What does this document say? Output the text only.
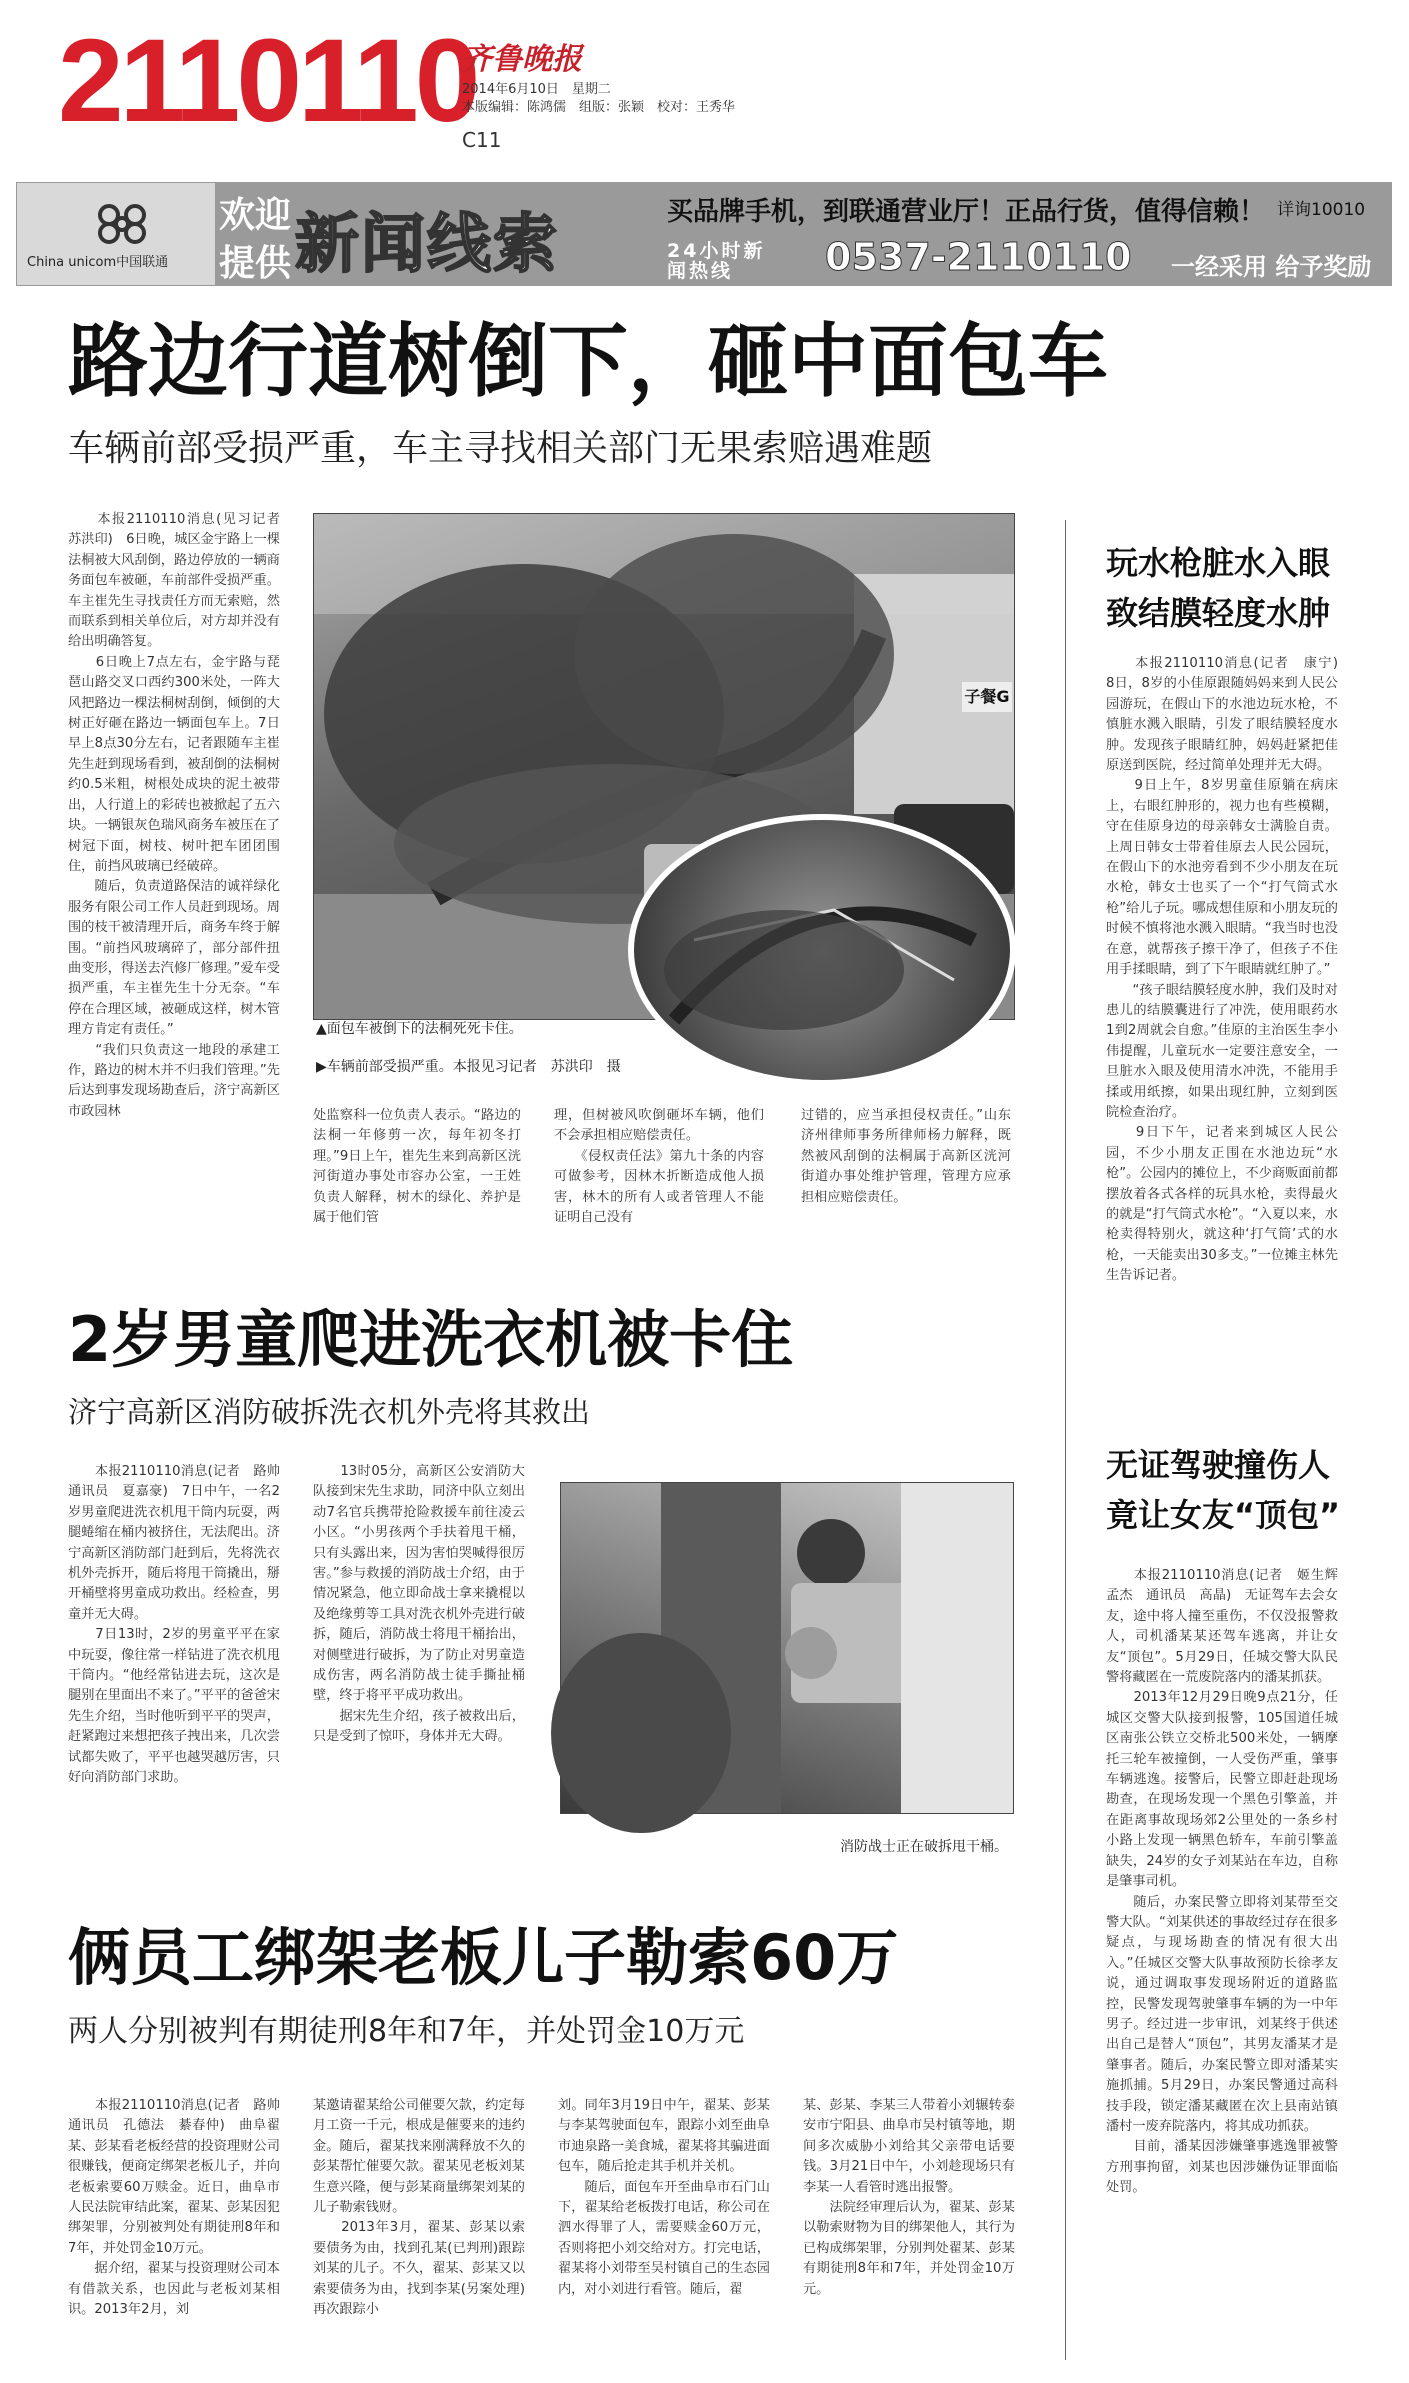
2110110
齐鲁晚报
2014年6月10日　星期二
本版编辑：陈鸿儒　组版：张颖　校对：王秀华
C11
China unicom中国联通
欢迎
提供 新闻线索	买品牌手机，到联通营业厅！正品行货，值得信赖！ 详询10010
24小时新闻热线	0537-2110110 一经采用 给予奖励
路边行道树倒下，砸中面包车
车辆前部受损严重，车主寻找相关部门无果索赔遇难题
　　本报2110110消息(见习记者　苏洪印)　6日晚，城区金宇路上一棵法桐被大风刮倒，路边停放的一辆商务面包车被砸，车前部件受损严重。车主崔先生寻找责任方而无索赔，然而联系到相关单位后，对方却并没有给出明确答复。
　　6日晚上7点左右，金宇路与琵琶山路交叉口西约300米处，一阵大风把路边一棵法桐树刮倒，倾倒的大树正好砸在路边一辆面包车上。7日早上8点30分左右，记者跟随车主崔先生赶到现场看到，被刮倒的法桐树约0.5米粗，树根处成块的泥土被带出，人行道上的彩砖也被掀起了五六块。一辆银灰色瑞风商务车被压在了树冠下面，树枝、树叶把车团团围住，前挡风玻璃已经破碎。
　　随后，负责道路保洁的诚祥绿化服务有限公司工作人员赶到现场。周围的枝干被清理开后，商务车终于解围。“前挡风玻璃碎了，部分部件扭曲变形，得送去汽修厂修理。”爱车受损严重，车主崔先生十分无奈。“车停在合理区域，被砸成这样，树木管理方肯定有责任。”
　　“我们只负责这一地段的承建工作，路边的树木并不归我们管理。”先后达到事发现场勘查后，济宁高新区市政园林
子餐G
▲面包车被倒下的法桐死死卡住。
▶车辆前部受损严重。本报见习记者　苏洪印　摄
处监察科一位负责人表示。“路边的法桐一年修剪一次，每年初冬打理。”9日上午，崔先生来到高新区洸河街道办事处市容办公室，一王姓负责人解释，树木的绿化、养护是属于他们管
理，但树被风吹倒砸坏车辆，他们不会承担相应赔偿责任。
　　《侵权责任法》第九十条的内容可做参考，因林木折断造成他人损害，林木的所有人或者管理人不能证明自己没有
过错的，应当承担侵权责任。”山东济州律师事务所律师杨力解释，既然被风刮倒的法桐属于高新区洸河街道办事处维护管理，管理方应承担相应赔偿责任。
玩水枪脏水入眼
致结膜轻度水肿
　　本报2110110消息(记者　康宁)　8日，8岁的小佳原跟随妈妈来到人民公园游玩，在假山下的水池边玩水枪，不慎脏水溅入眼睛，引发了眼结膜轻度水肿。发现孩子眼睛红肿，妈妈赶紧把佳原送到医院，经过简单处理并无大碍。
　　9日上午，8岁男童佳原躺在病床上，右眼红肿形的，视力也有些模糊，守在佳原身边的母亲韩女士满脸自责。上周日韩女士带着佳原去人民公园玩，在假山下的水池旁看到不少小朋友在玩水枪，韩女士也买了一个“打气筒式水枪”给儿子玩。哪成想佳原和小朋友玩的时候不慎将池水溅入眼睛。“我当时也没在意，就帮孩子擦干净了，但孩子不住用手揉眼睛，到了下午眼睛就红肿了。”
　　“孩子眼结膜轻度水肿，我们及时对患儿的结膜囊进行了冲洗，使用眼药水1到2周就会自愈。”佳原的主治医生李小伟提醒，儿童玩水一定要注意安全，一旦脏水入眼及使用清水冲洗，不能用手揉或用纸擦，如果出现红肿，立刻到医院检查治疗。
　　9日下午，记者来到城区人民公园，不少小朋友正围在水池边玩“水枪”。公园内的摊位上，不少商贩面前都摆放着各式各样的玩具水枪，卖得最火的就是“打气筒式水枪”。“入夏以来，水枪卖得特别火，就这种‘打气筒’式的水枪，一天能卖出30多支。”一位摊主林先生告诉记者。
2岁男童爬进洗衣机被卡住
济宁高新区消防破拆洗衣机外壳将其救出
　　本报2110110消息(记者　路帅　通讯员　夏嘉豪)　7日中午，一名2岁男童爬进洗衣机甩干筒内玩耍，两腿蜷缩在桶内被挤住，无法爬出。济宁高新区消防部门赶到后，先将洗衣机外壳拆开，随后将甩干筒撬出，掰开桶壁将男童成功救出。经检查，男童并无大碍。
　　7日13时，2岁的男童平平在家中玩耍，像往常一样钻进了洗衣机甩干筒内。“他经常钻进去玩，这次是腿别在里面出不来了。”平平的爸爸宋先生介绍，当时他听到平平的哭声，赶紧跑过来想把孩子拽出来，几次尝试都失败了，平平也越哭越厉害，只好向消防部门求助。
　　13时05分，高新区公安消防大队接到宋先生求助，同济中队立刻出动7名官兵携带抢险救援车前往凌云小区。“小男孩两个手扶着甩干桶，只有头露出来，因为害怕哭喊得很厉害。”参与救援的消防战士介绍，由于情况紧急，他立即命战士拿来撬棍以及绝缘剪等工具对洗衣机外壳进行破拆，随后，消防战士将甩干桶抬出，对侧壁进行破拆，为了防止对男童造成伤害，两名消防战士徒手撕扯桶壁，终于将平平成功救出。
　　据宋先生介绍，孩子被救出后，只是受到了惊吓，身体并无大碍。
消防战士正在破拆甩干桶。
无证驾驶撞伤人
竟让女友“顶包”
　　本报2110110消息(记者　姬生辉　孟杰　通讯员　高晶)　无证驾车去会女友，途中将人撞至重伤，不仅没报警救人，司机潘某某还驾车逃离，并让女友“顶包”。5月29日，任城交警大队民警将藏匿在一荒废院落内的潘某抓获。
　　2013年12月29日晚9点21分，任城区交警大队接到报警，105国道任城区南张公铁立交桥北500米处，一辆摩托三轮车被撞倒，一人受伤严重，肇事车辆逃逸。接警后，民警立即赶赴现场勘查，在现场发现一个黑色引擎盖，并在距离事故现场郊2公里处的一条乡村小路上发现一辆黑色轿车，车前引擎盖缺失，24岁的女子刘某站在车边，自称是肇事司机。
　　随后，办案民警立即将刘某带至交警大队。“刘某供述的事故经过存在很多疑点，与现场勘查的情况有很大出入。”任城区交警大队事故预防长徐孝友说，通过调取事发现场附近的道路监控，民警发现驾驶肇事车辆的为一中年男子。经过进一步审讯，刘某终于供述出自己是替人“顶包”，其男友潘某才是肇事者。随后，办案民警立即对潘某实施抓捕。5月29日，办案民警通过高科技手段，锁定潘某藏匿在次上县南站镇潘村一废弃院落内，将其成功抓获。
　　目前，潘某因涉嫌肇事逃逸罪被警方刑事拘留，刘某也因涉嫌伪证罪面临处罚。
俩员工绑架老板儿子勒索60万
两人分别被判有期徒刑8年和7年，并处罚金10万元
　　本报2110110消息(记者　路帅　通讯员　孔德法　綦春仲)　曲阜翟某、彭某看老板经营的投资理财公司很赚钱，便商定绑架老板儿子，并向老板索要60万赎金。近日，曲阜市人民法院审结此案，翟某、彭某因犯绑架罪，分别被判处有期徒刑8年和7年，并处罚金10万元。
　　据介绍，翟某与投资理财公司本有借款关系，也因此与老板刘某相识。2013年2月，刘
某邀请翟某给公司催要欠款，约定每月工资一千元，根成是催要来的违约金。随后，翟某找来刚满释放不久的彭某帮忙催要欠款。翟某见老板刘某生意兴隆，便与彭某商量绑架刘某的儿子勒索钱财。
　　2013年3月，翟某、彭某以索要债务为由，找到孔某(已判刑)跟踪刘某的儿子。不久，翟某、彭某又以索要债务为由，找到李某(另案处理)再次跟踪小
刘。同年3月19日中午，翟某、彭某与李某驾驶面包车，跟踪小刘至曲阜市迪泉路一美食城，翟某将其骗进面包车，随后抢走其手机并关机。
　　随后，面包车开至曲阜市石门山下，翟某给老板拨打电话，称公司在泗水得罪了人，需要赎金60万元，否则将把小刘交给对方。打完电话，翟某将小刘带至吴村镇自己的生态园内，对小刘进行看管。随后，翟
某、彭某、李某三人带着小刘辗转泰安市宁阳县、曲阜市吴村镇等地，期间多次威胁小刘给其父亲带电话要钱。3月21日中午，小刘趁现场只有李某一人看管时逃出报警。
　　法院经审理后认为，翟某、彭某以勒索财物为目的绑架他人，其行为已构成绑架罪，分别判处翟某、彭某有期徒刑8年和7年，并处罚金10万元。
